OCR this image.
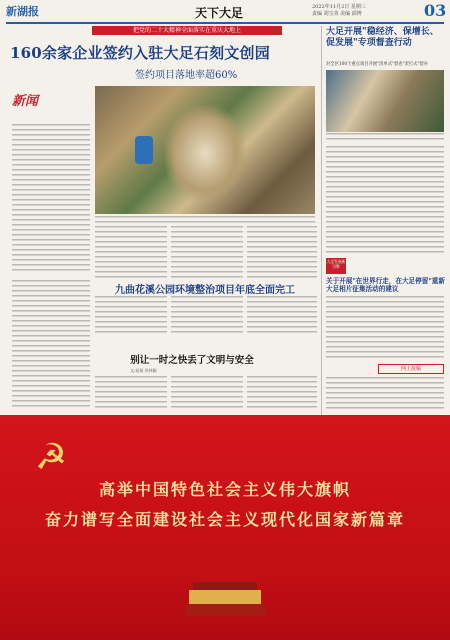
新湖报	天下大足	2022年11月2日 星期三
责编 胡宝英 美编 邱博	03
把党的二十大精神全面落实在重庆大地上
160余家企业签约入驻大足石刻文创园
签约项目落地率超60%
新闻
九曲花溪公园环境整治项目年底全面完工
别让一时之快丢了文明与安全
文/易娟 苏林颖
大足开展"稳经济、保增长、促发展"专项督查行动
对全区100个重点项目开展"清单式"督查"责打式"督办
大足发展新引擎
关于开展"在世界行走，在大足停留"重新大足相片征集活动的建议
网上投稿
☭
高举中国特色社会主义伟大旗帜
奋力谱写全面建设社会主义现代化国家新篇章
